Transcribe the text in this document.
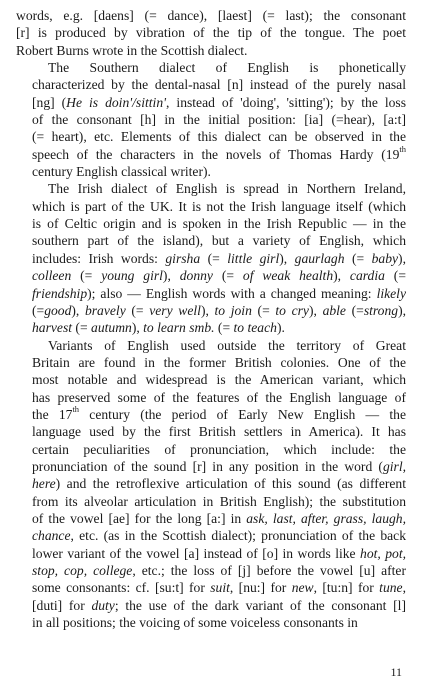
words, e.g. [daens] (= dance), [laest] (= last); the consonant
[r] is produced by vibration of the tip of the tongue. The poet
Robert Burns wrote in the Scottish dialect.

The Southern dialect of English is phonetically
characterized by the dental-nasal [n] instead of the purely nasal
[ng] (He is doin'/sittin', instead of 'doing', 'sitting'); by the loss
of the consonant [h] in the initial position: [ia] (=hear), [a:t]
(= heart), etc. Elements of this dialect can be observed in the
speech of the characters in the novels of Thomas Hardy (19th
century English classical writer).

The Irish dialect of English is spread in Northern Ireland,
which is part of the UK. It is not the Irish language itself (which
is of Celtic origin and is spoken in the Irish Republic — in the
southern part of the island), but a variety of English, which
includes: Irish words: girsha (= little girl), gaurlagh (= baby),
colleen (= young girl), donny (= of weak health), cardia (=
friendship); also — English words with a changed meaning: likely
(=good), bravely (= very well), to join (= to cry), able (=strong),
harvest (= autumn), to learn smb. (= to teach).

Variants of English used outside the territory of Great
Britain are found in the former British colonies. One of the
most notable and widespread is the American variant, which
has preserved some of the features of the English language of
the 17th century (the period of Early New English — the
language used by the first British settlers in America). It has
certain peculiarities of pronunciation, which include: the
pronunciation of the sound [r] in any position in the word (girl,
here) and the retroflexive articulation of this sound (as different
from its alveolar articulation in British English); the substitution
of the vowel [ae] for the long [a:] in ask, last, after, grass, laugh,
chance, etc. (as in the Scottish dialect); pronunciation of the back
lower variant of the vowel [a] instead of [o] in words like hot, pot,
stop, cop, college, etc.; the loss of [j] before the vowel [u] after
some consonants: cf. [su:t] for suit, [nu:] for new, [tu:n] for tune,
[duti] for duty; the use of the dark variant of the consonant [l]
in all positions; the voicing of some voiceless consonants in

11
